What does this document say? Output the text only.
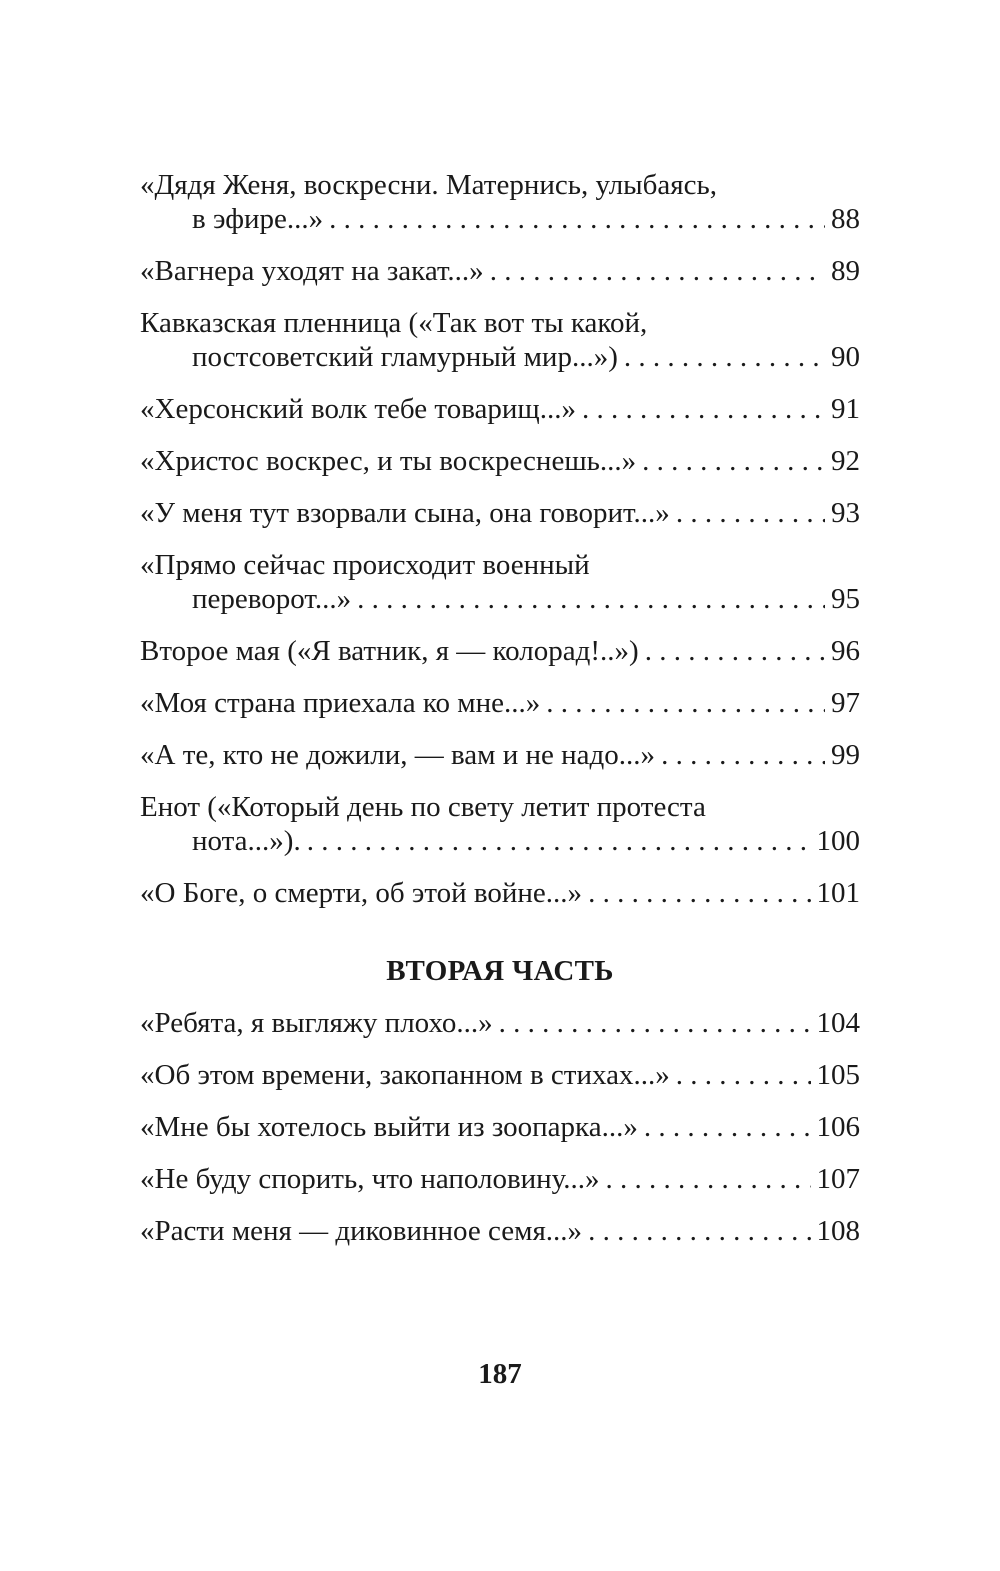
«Дядя Женя, воскресни. Матернись, улыбаясь,
в эфире...» . . .	88
«Вагнера уходят на закат...» . . .	89
Кавказская пленница («Так вот ты какой,
постсоветский гламурный мир...») . . .	90
«Херсонский волк тебе товарищ...» . . .	91
«Христос воскрес, и ты воскреснешь...» . . .	92
«У меня тут взорвали сына, она говорит...» . . .	93
«Прямо сейчас происходит военный
переворот...» . . .	95
Второе мая («Я ватник, я — колорад!..») . . .	96
«Моя страна приехала ко мне...» . . .	97
«А те, кто не дожили, — вам и не надо...» . . .	99
Енот («Который день по свету летит протеста
нота...»). . . .	100
«О Боге, о смерти, об этой войне...» . . .	101
ВТОРАЯ ЧАСТЬ
«Ребята, я выгляжу плохо...» . . .	104
«Об этом времени, закопанном в стихах...» . . .	105
«Мне бы хотелось выйти из зоопарка...» . . .	106
«Не буду спорить, что наполовину...» . . .	107
«Расти меня — диковинное семя...» . . .	108
187
